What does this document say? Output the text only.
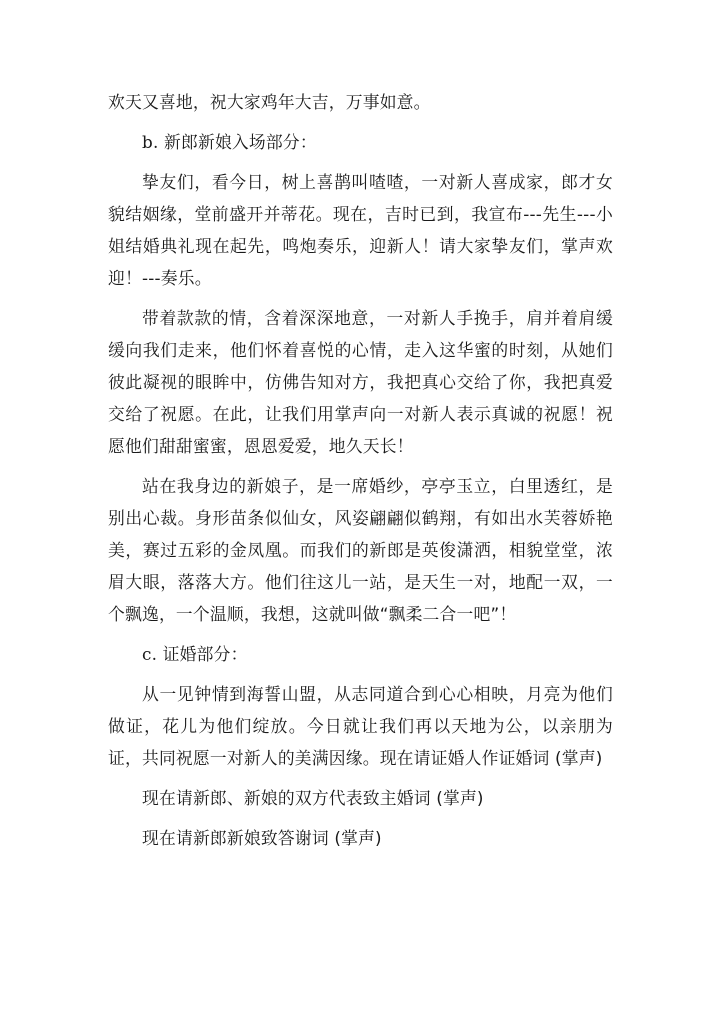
欢天又喜地，祝大家鸡年大吉，万事如意。

b. 新郎新娘入场部分：

挚友们，看今日，树上喜鹊叫喳喳，一对新人喜成家，郎才女貌结姻缘，堂前盛开并蒂花。现在，吉时已到，我宣布---先生---小姐结婚典礼现在起先，鸣炮奏乐，迎新人！请大家挚友们，掌声欢迎！---奏乐。

带着款款的情，含着深深地意，一对新人手挽手，肩并着肩缓缓向我们走来，他们怀着喜悦的心情，走入这华蜜的时刻，从她们彼此凝视的眼眸中，仿佛告知对方，我把真心交给了你，我把真爱交给了祝愿。在此，让我们用掌声向一对新人表示真诚的祝愿！祝愿他们甜甜蜜蜜，恩恩爱爱，地久天长！

站在我身边的新娘子，是一席婚纱，亭亭玉立，白里透红，是别出心裁。身形苗条似仙女，风姿翩翩似鹤翔，有如出水芙蓉娇艳美，赛过五彩的金凤凰。而我们的新郎是英俊潇洒，相貌堂堂，浓眉大眼，落落大方。他们往这儿一站，是天生一对，地配一双，一个飘逸，一个温顺，我想，这就叫做“飘柔二合一吧”！

c. 证婚部分：

从一见钟情到海誓山盟，从志同道合到心心相映，月亮为他们做证，花儿为他们绽放。今日就让我们再以天地为公，以亲朋为证，共同祝愿一对新人的美满因缘。现在请证婚人作证婚词 (掌声)

现在请新郎、新娘的双方代表致主婚词 (掌声)

现在请新郎新娘致答谢词 (掌声)
